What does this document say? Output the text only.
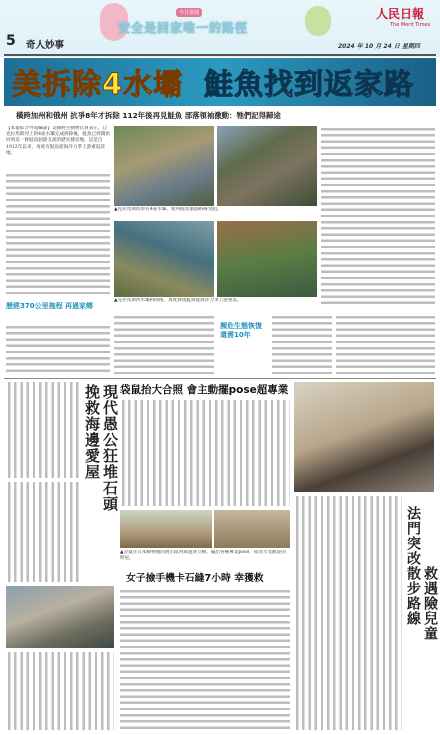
5 奇人妙事
今日要聞
安全是回家唯一的路徑
人民日報
The Merit Times
2024 年 10 月 24 日 星期四
美拆除4水壩 鮭魚找到返家路
橫跨加州和俄州 抗爭8年才拆除 112年後再見鮭魚 部落領袖激動：牠們記得歸途
【本報綜合外電編譯】美國野生動物官員表示，自克拉馬斯河上的4座水壩完成拆除後，鮭魚已經開始回到這一條鮭魚洄游支流的歷史棲息地，這是自1912年以來，再度有鮭魚從海洋力爭上游重返該地。
▲克拉馬斯河原有4座水壩，使得鮭魚洄游路線受阻。
▲克拉馬斯河水壩拆除後，再度發現鮭魚從海洋力爭上游重返。
歷經370公里拖程 再過家鄉
瀕危生態恢復 還需10年
挽救海邊愛屋 現代愚公狂堆石頭 袋鼠抬大合照 會主動擺pose超專業
▲袋鼠在日本動物園的展示區內與遊客互動，擺出各種專業pose，成為大受歡迎的明星。
女子撿手機卡石縫7小時 幸獲救	法門突改散步路線 救遇險兒童
